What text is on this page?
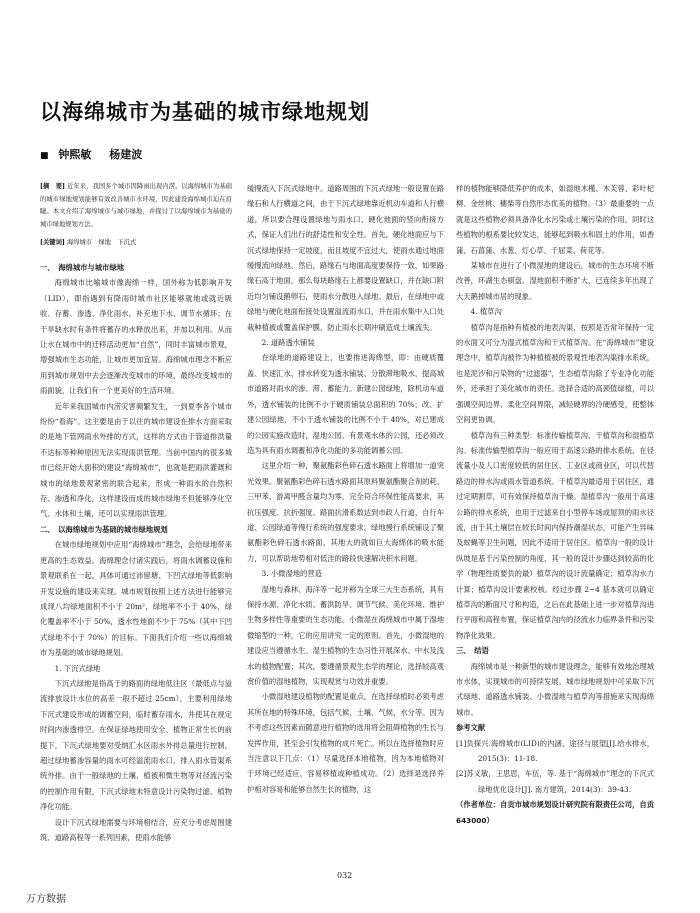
以海绵城市为基础的城市绿地规划
■ 钟熙敏 杨建波
[摘　要] 近年来，我国多个城市因降雨出现内涝。以海绵城市为基础的城市绿地规划能够有效改善城市水环境，因此建设海绵城市迫在眉睫。本文介绍了海绵城市与城市绿地，并探讨了以海绵城市为基础的城市绿地规划方法。
[关键词] 海绵城市　绿地　下沉式
一、　海绵城市与城市绿地

海绵城市比喻城市像海绵一样，国外称为低影响开发（LID），即指遇到有降雨时城市社区能够就地或就近吸收、存蓄、渗透、净化雨水，补充地下水、调节水循环；在干旱缺水时有条件将蓄存的水释放出来，并加以利用。从而让水在城市中的迁移活动更加“自然”，同时丰富城市景观，增强城市生态功能，让城市更加宜居。海绵城市理念不断应用到城市规划中去会逐渐改变城市的环境，最终改变城市的雨面貌，让我们有一个更美好的生活环境。

近年来我国城市内涝灾害频繁发生，一到夏季各个城市纷纷“看海”。这主要是由于以往的城市建设在排水方面采取的是地下管网雨水外排的方式，这样的方式由于管道排洪量不达标等种种原因无法实现雨洪管理。当前中国内的很多城市已经开始大面积的建设“海绵城市”，也就是把雨洪灌溉和城市的绿地景观紧密的联合起来，形成一种雨水的自然积存、渗透和净化。这样建设而成的城市绿地不但能够净化空气、水体和土壤，还可以实现雨洪管理。

二、　以海绵城市为基础的城市绿地规划

在城市绿地规划中应用“海绵城市”理念，会给绿地带来更高的生态效益。海绵理念付诸实践后，将雨水调蓄设施和景观联系在一起，具体可通过沛留塘、下凹式绿地等低影响开发设施的建设来实现。城市规划按照上述方法进行能够完成现八均绿地面积不小于 20m²，绿地率不小于 40%，绿化覆盖率不小于 50%，透水性地面不少于 75%（其中下凹式绿地不小于 70%）的目标。下面我们介绍一些以海绵城市为基础的城市绿地规划。

1. 下沉式绿地

下沉式绿地是指高于的路面的绿地低注区（最低点与溢流排放设计水位的高差一般不超过 25cm），主要利用绿地下沉式建设形成的调蓄空间，临时蓄存雨水，并使其在规定时间内渗透排空。在保证绿地使用安全、植物正常生长的前提下，下沉式绿地要对受纳汇水区雨水外排总量进行控制，超过绿地蓄渗容量的雨水可经溢流雨水口，排入雨水管渠系统外排。由于一般绿地的土壤、植被和微生物等对径流污染的控制作用有限，下沉式绿地未特意设计污染物过滤、植物净化功能。

设计下沉式绿地需要与环境相结合，应充分考虑周围建筑、道路高程等一系列因素，使雨水能够

缓慢流入下沉式绿地中。道路周围的下沉式绿地一般设置在路缘石和人行横道之间，由于下沉式绿地靠近机动车道和人行横道，所以要合理设置绿地与雨水口、硬化地面的竖向衔接方式，保证人们出行的舒适性和安全性。首先，硬化地面应与下沉式绿地保持一定坡度，而且坡度不宜过大，使雨水通过地面缓慢流向绿地。然后，路缘石与地面高度要保持一致，如果路缘石高于地面，那么每块路缘石上都要设置缺口，并在缺口附近均匀铺设鹅卵石，使雨水分散进入绿地。最后，在绿地中或绿地与硬化地面衔接处设置溢流雨水口，并在雨水集中入口处栽种植被或覆盖保护膜，防止雨水长期冲刷造成土壤流失。

2. 道路透水铺装

在绿地的道路建设上，也要推进海绵型，即：由硬质覆盖、快速汇水、排水转变为透水铺装、分散滞地吸水，提高城市道路对雨水的渗、滞、蓄能力。新建公园绿地，除机动车道外，透水铺装的比例不小于硬质铺装总面积的 70%；改、扩建公园绿地，不小于透水铺装的比例不小于 40%，对已建成的公园实施改造时，湿地公园、有景观水体的公园，还必须改造为具有雨水调蓄和净化功能的多功能调蓄公园。

这里介绍一种，聚氨酯彩色碎石透水路面上将增加一道突光效果。聚氨酯彩色碎石透水路面其原料聚氨酯聚合剂的耗、三甲苯、游离甲醛含量均为零，完全符合环保性能高要求，其抗压强度、抗折强度、路面抗滑系数达到市政人行道、自行车道、公园绿道等慢行系统的强度要求。绿地慢行系统铺设了聚氨酯彩色碎石透水路面，其地大的就如巨大海绵体的吸水能力，可以帮助地势相对低洼的路段快速解决积水问题。

3. 小微湿地的营造

湿地与森林、海洋等一起并称为全球三大生态系统，具有保持水源、净化水质、蓄洪防旱、调节气候、美化环境、维护生物多样性等重要的生态功能。小微湿在海绵城市中属于湿地微缩型的一种，它的应用讲究一定的原则。首先，小微湿地的建设应当遵循水生、湿生植物的生态习性开展深水、中水及浅水的植物配置；其次，要遵循景观生态学的理论，选择较高观赏价值的湿地植物，实现观赏与功效并重要。

小微湿地建设植物的配置是重点，在选择绿植时必须考虑其所在地的特殊环境，包括气候、土壤、气候、水分等。因为不考虑这些因素而随意进行植物的选用将会阻碍植物的生长与发挥作用，甚至会引发植物的成片死亡。所以在选择植物时应当注意以下几点：（1）尽量选择本地植物，因为本地植物对于环境已经适应，容易移植或种植成功。（2）选择是选择养护相对容易和能够自然生长的植物，这

样的植物能够降低养护的成本，如湿地木槿、木芙蓉、彩叶杞柳、金丝桃、穗柴等自然形态优美的植物。（3）最重要的一点就是这些植物必须具备净化水污染或土壤污染的作用，同时这些植物的根系要比较发达，能够起到吸水和固土的作用，如香蒲、石菖蒲、水葱、灯心草、千屈菜、荷花等。

某城市在进行了小微湿地的建设后，城市的生态环境不断改善，环湖生态棋盘、湿地面积不断扩大，已连续多年出现了大天鹅掉城市居的现象。

4. 植草沟

植草沟是指种有植被的地表沟渠，按照是否常年保持一定的水面又可分为湿式植草沟和干式植草沟。在“海绵城市”建设理念中，植草沟被作为种植植被的景观性地表沟渠排水系统，也是泥沙和污染物的“过滤器”，生态植草沟除了专业净化功能外，还承担了美化城市的责任。选择合适的高颈值绿植，可以强调空间边界、柔化空间界限，减轻硬界的冷硬感受，使整体空间更协调。

植草沟有三种类型：标准传输植草沟、干植草沟和湿植草沟。标准传输型植草沟一般应用于高速公路的排水系统，在径流量小及人口密度较低的居住区、工业区或商业区，可以代替路边的排水沟或雨水管道系统。干植草沟最适用于居住区，通过定期割草，可有效保持植草沟干燥。湿植草沟一般用于高速公路的排水系统，也用于过滤来自小型停车场或屋顶的雨水径流，由于其土壤层在较长时间内保持潮湿状态，可能产生异味及蚊蝇等卫生问题，因此不适用于居住区。植草沟一般的设计纵坡是基于污染控制的角度，其一般的设计步骤达到较高的化学（物理性质要负的最）植草沟的设计流量确定；植草沟水力计算；植草沟设计要素校核。经过步骤 2~4 基本就可以确定植草沟的断面尺寸和构造，之后在此基础上进一步对植草沟进行平面和高程布置，保证植草沟内的径流水力临界条件和污染物净化效果。

三、　结语

海绵城市是一种新型的城市建设理念，能够有效地治理城市水体，实现城市的可持续发展。城市绿地规划中可采取下沉式绿地、道路透水铺装、小微湿地与植草沟等措施来实现海绵城市。

参考文献
[1]负探兴.海绵城市(LID)的内涵、途径与展望[J].给水排水，2015(3)：11-18.
[2]苏义敏，王思思，车伍，等. 基于“海绵城市”理念的下沉式绿地优化设计[J]. 南方建筑，2014(3)：39-43.
（作者单位：自贡市城市规划设计研究院有限责任公司，自贡　643000）
032
万方数据
